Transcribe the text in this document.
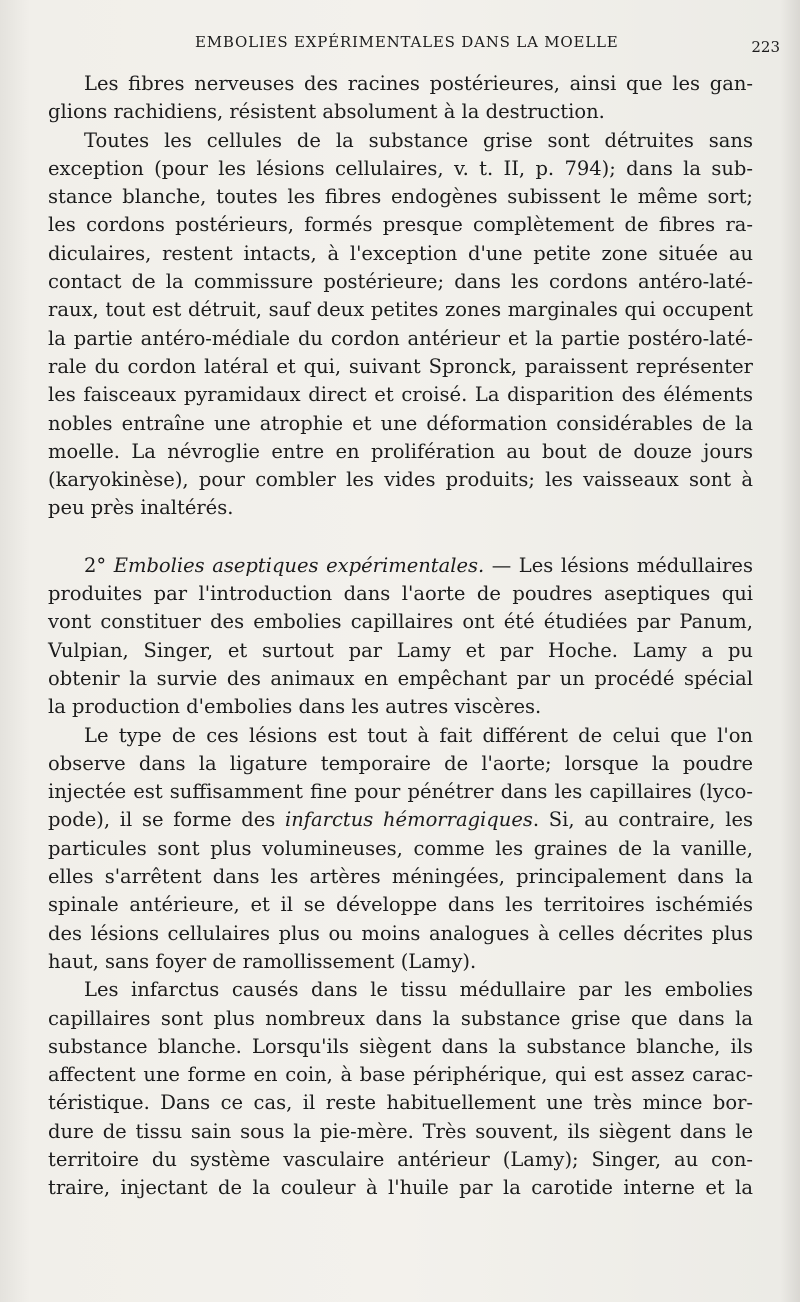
EMBOLIES EXPÉRIMENTALES DANS LA MOELLE	223

Les fibres nerveuses des racines postérieures, ainsi que les gan-

glions rachidiens, résistent absolument à la destruction.

Toutes les cellules de la substance grise sont détruites sans

exception (pour les lésions cellulaires, v. t. II, p. 794); dans la sub-

stance blanche, toutes les fibres endogènes subissent le même sort;

les cordons postérieurs, formés presque complètement de fibres ra-

diculaires, restent intacts, à l'exception d'une petite zone située au

contact de la commissure postérieure; dans les cordons antéro-laté-

raux, tout est détruit, sauf deux petites zones marginales qui occupent

la partie antéro-médiale du cordon antérieur et la partie postéro-laté-

rale du cordon latéral et qui, suivant Spronck, paraissent représenter

les faisceaux pyramidaux direct et croisé. La disparition des éléments

nobles entraîne une atrophie et une déformation considérables de la

moelle. La névroglie entre en prolifération au bout de douze jours

(karyokinèse), pour combler les vides produits; les vaisseaux sont à

peu près inaltérés.

2° Embolies aseptiques expérimentales. — Les lésions médullaires

produites par l'introduction dans l'aorte de poudres aseptiques qui

vont constituer des embolies capillaires ont été étudiées par Panum,

Vulpian, Singer, et surtout par Lamy et par Hoche. Lamy a pu

obtenir la survie des animaux en empêchant par un procédé spécial

la production d'embolies dans les autres viscères.

Le type de ces lésions est tout à fait différent de celui que l'on

observe dans la ligature temporaire de l'aorte; lorsque la poudre

injectée est suffisamment fine pour pénétrer dans les capillaires (lyco-

pode), il se forme des infarctus hémorragiques. Si, au contraire, les

particules sont plus volumineuses, comme les graines de la vanille,

elles s'arrêtent dans les artères méningées, principalement dans la

spinale antérieure, et il se développe dans les territoires ischémiés

des lésions cellulaires plus ou moins analogues à celles décrites plus

haut, sans foyer de ramollissement (Lamy).

Les infarctus causés dans le tissu médullaire par les embolies

capillaires sont plus nombreux dans la substance grise que dans la

substance blanche. Lorsqu'ils siègent dans la substance blanche, ils

affectent une forme en coin, à base périphérique, qui est assez carac-

téristique. Dans ce cas, il reste habituellement une très mince bor-

dure de tissu sain sous la pie-mère. Très souvent, ils siègent dans le

territoire du système vasculaire antérieur (Lamy); Singer, au con-

traire, injectant de la couleur à l'huile par la carotide interne et la
